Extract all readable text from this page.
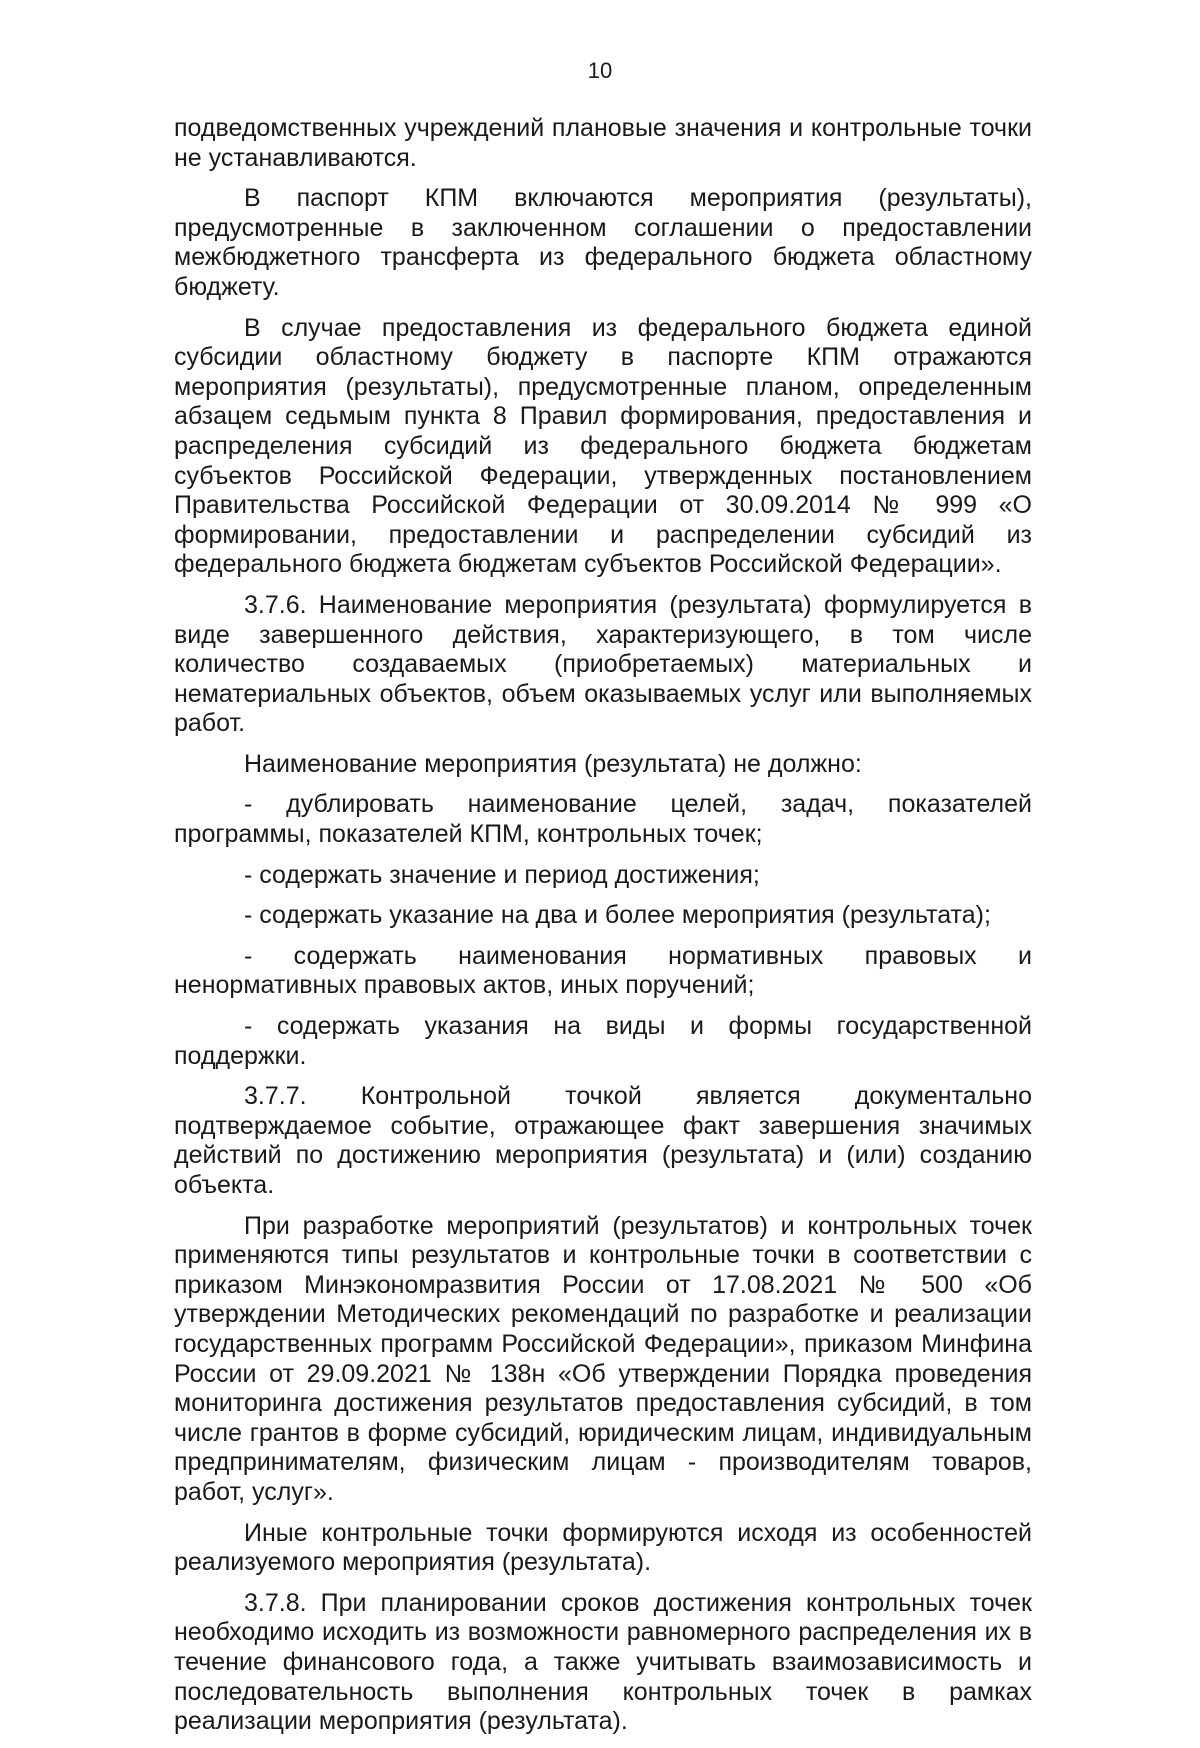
10

подведомственных учреждений плановые значения и контрольные точки не устанавливаются.

В паспорт КПМ включаются мероприятия (результаты), предусмотренные в заключенном соглашении о предоставлении межбюджетного трансферта из федерального бюджета областному бюджету.

В случае предоставления из федерального бюджета единой субсидии областному бюджету в паспорте КПМ отражаются мероприятия (результаты), предусмотренные планом, определенным абзацем седьмым пункта 8 Правил формирования, предоставления и распределения субсидий из федерального бюджета бюджетам субъектов Российской Федерации, утвержденных постановлением Правительства Российской Федерации от 30.09.2014 № 999 «О формировании, предоставлении и распределении субсидий из федерального бюджета бюджетам субъектов Российской Федерации».

3.7.6. Наименование мероприятия (результата) формулируется в виде завершенного действия, характеризующего, в том числе количество создаваемых (приобретаемых) материальных и нематериальных объектов, объем оказываемых услуг или выполняемых работ.

Наименование мероприятия (результата) не должно:

- дублировать наименование целей, задач, показателей программы, показателей КПМ, контрольных точек;

- содержать значение и период достижения;

- содержать указание на два и более мероприятия (результата);

- содержать наименования нормативных правовых и ненормативных правовых актов, иных поручений;

- содержать указания на виды и формы государственной поддержки.

3.7.7. Контрольной точкой является документально подтверждаемое событие, отражающее факт завершения значимых действий по достижению мероприятия (результата) и (или) созданию объекта.

При разработке мероприятий (результатов) и контрольных точек применяются типы результатов и контрольные точки в соответствии с приказом Минэкономразвития России от 17.08.2021 № 500 «Об утверждении Методических рекомендаций по разработке и реализации государственных программ Российской Федерации», приказом Минфина России от 29.09.2021 № 138н «Об утверждении Порядка проведения мониторинга достижения результатов предоставления субсидий, в том числе грантов в форме субсидий, юридическим лицам, индивидуальным предпринимателям, физическим лицам - производителям товаров, работ, услуг».

Иные контрольные точки формируются исходя из особенностей реализуемого мероприятия (результата).

3.7.8. При планировании сроков достижения контрольных точек необходимо исходить из возможности равномерного распределения их в течение финансового года, а также учитывать взаимозависимость и последовательность выполнения контрольных точек в рамках реализации мероприятия (результата).
